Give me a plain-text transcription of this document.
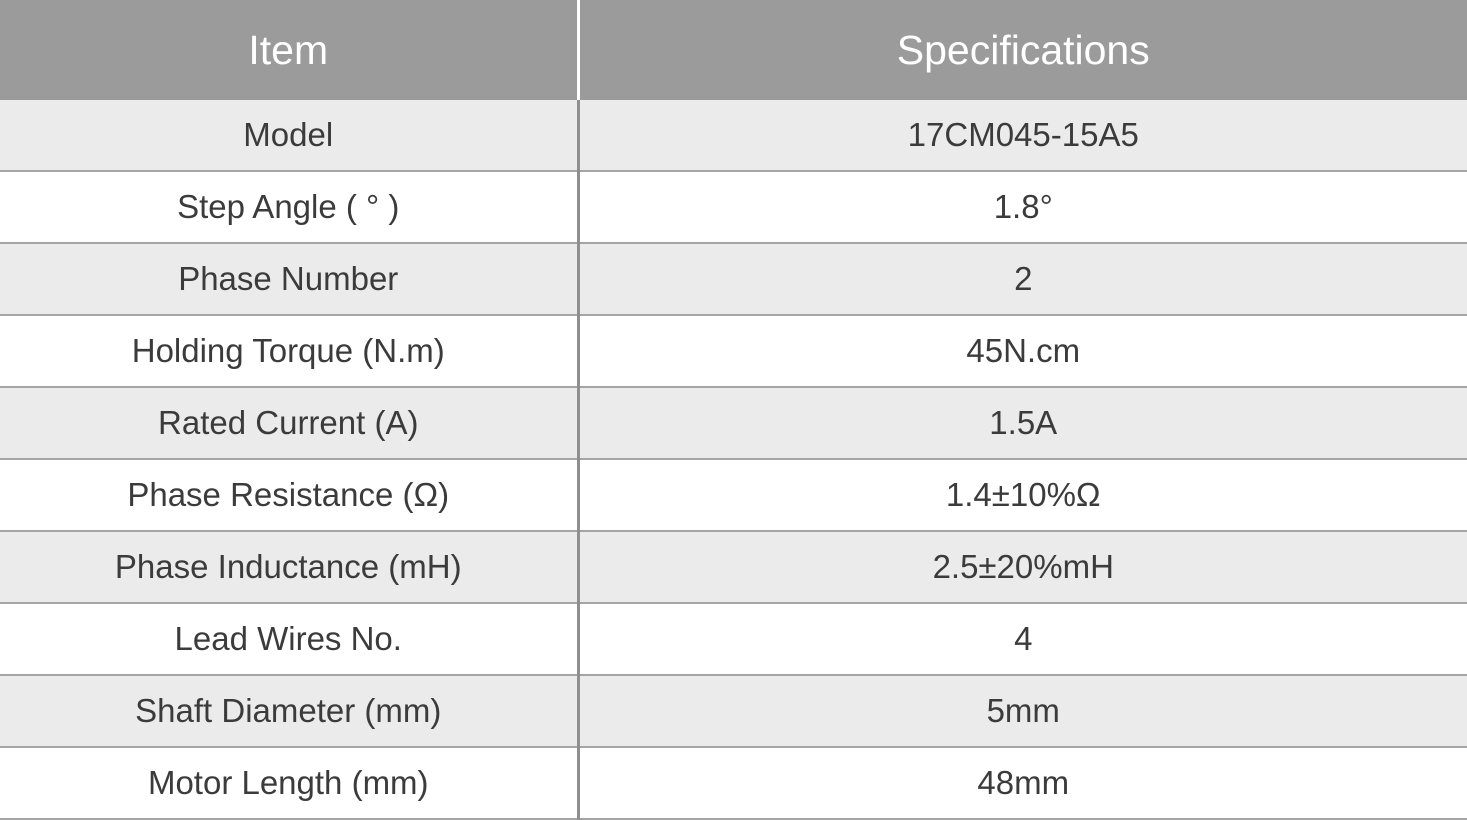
Item	Specifications
Model	17CM045-15A5
Step Angle ( ° )	1.8°
Phase Number	2
Holding Torque (N.m)	45N.cm
Rated Current (A)	1.5A
Phase Resistance (Ω)	1.4±10%Ω
Phase Inductance (mH)	2.5±20%mH
Lead Wires No.	4
Shaft Diameter (mm)	5mm
Motor Length (mm)	48mm
